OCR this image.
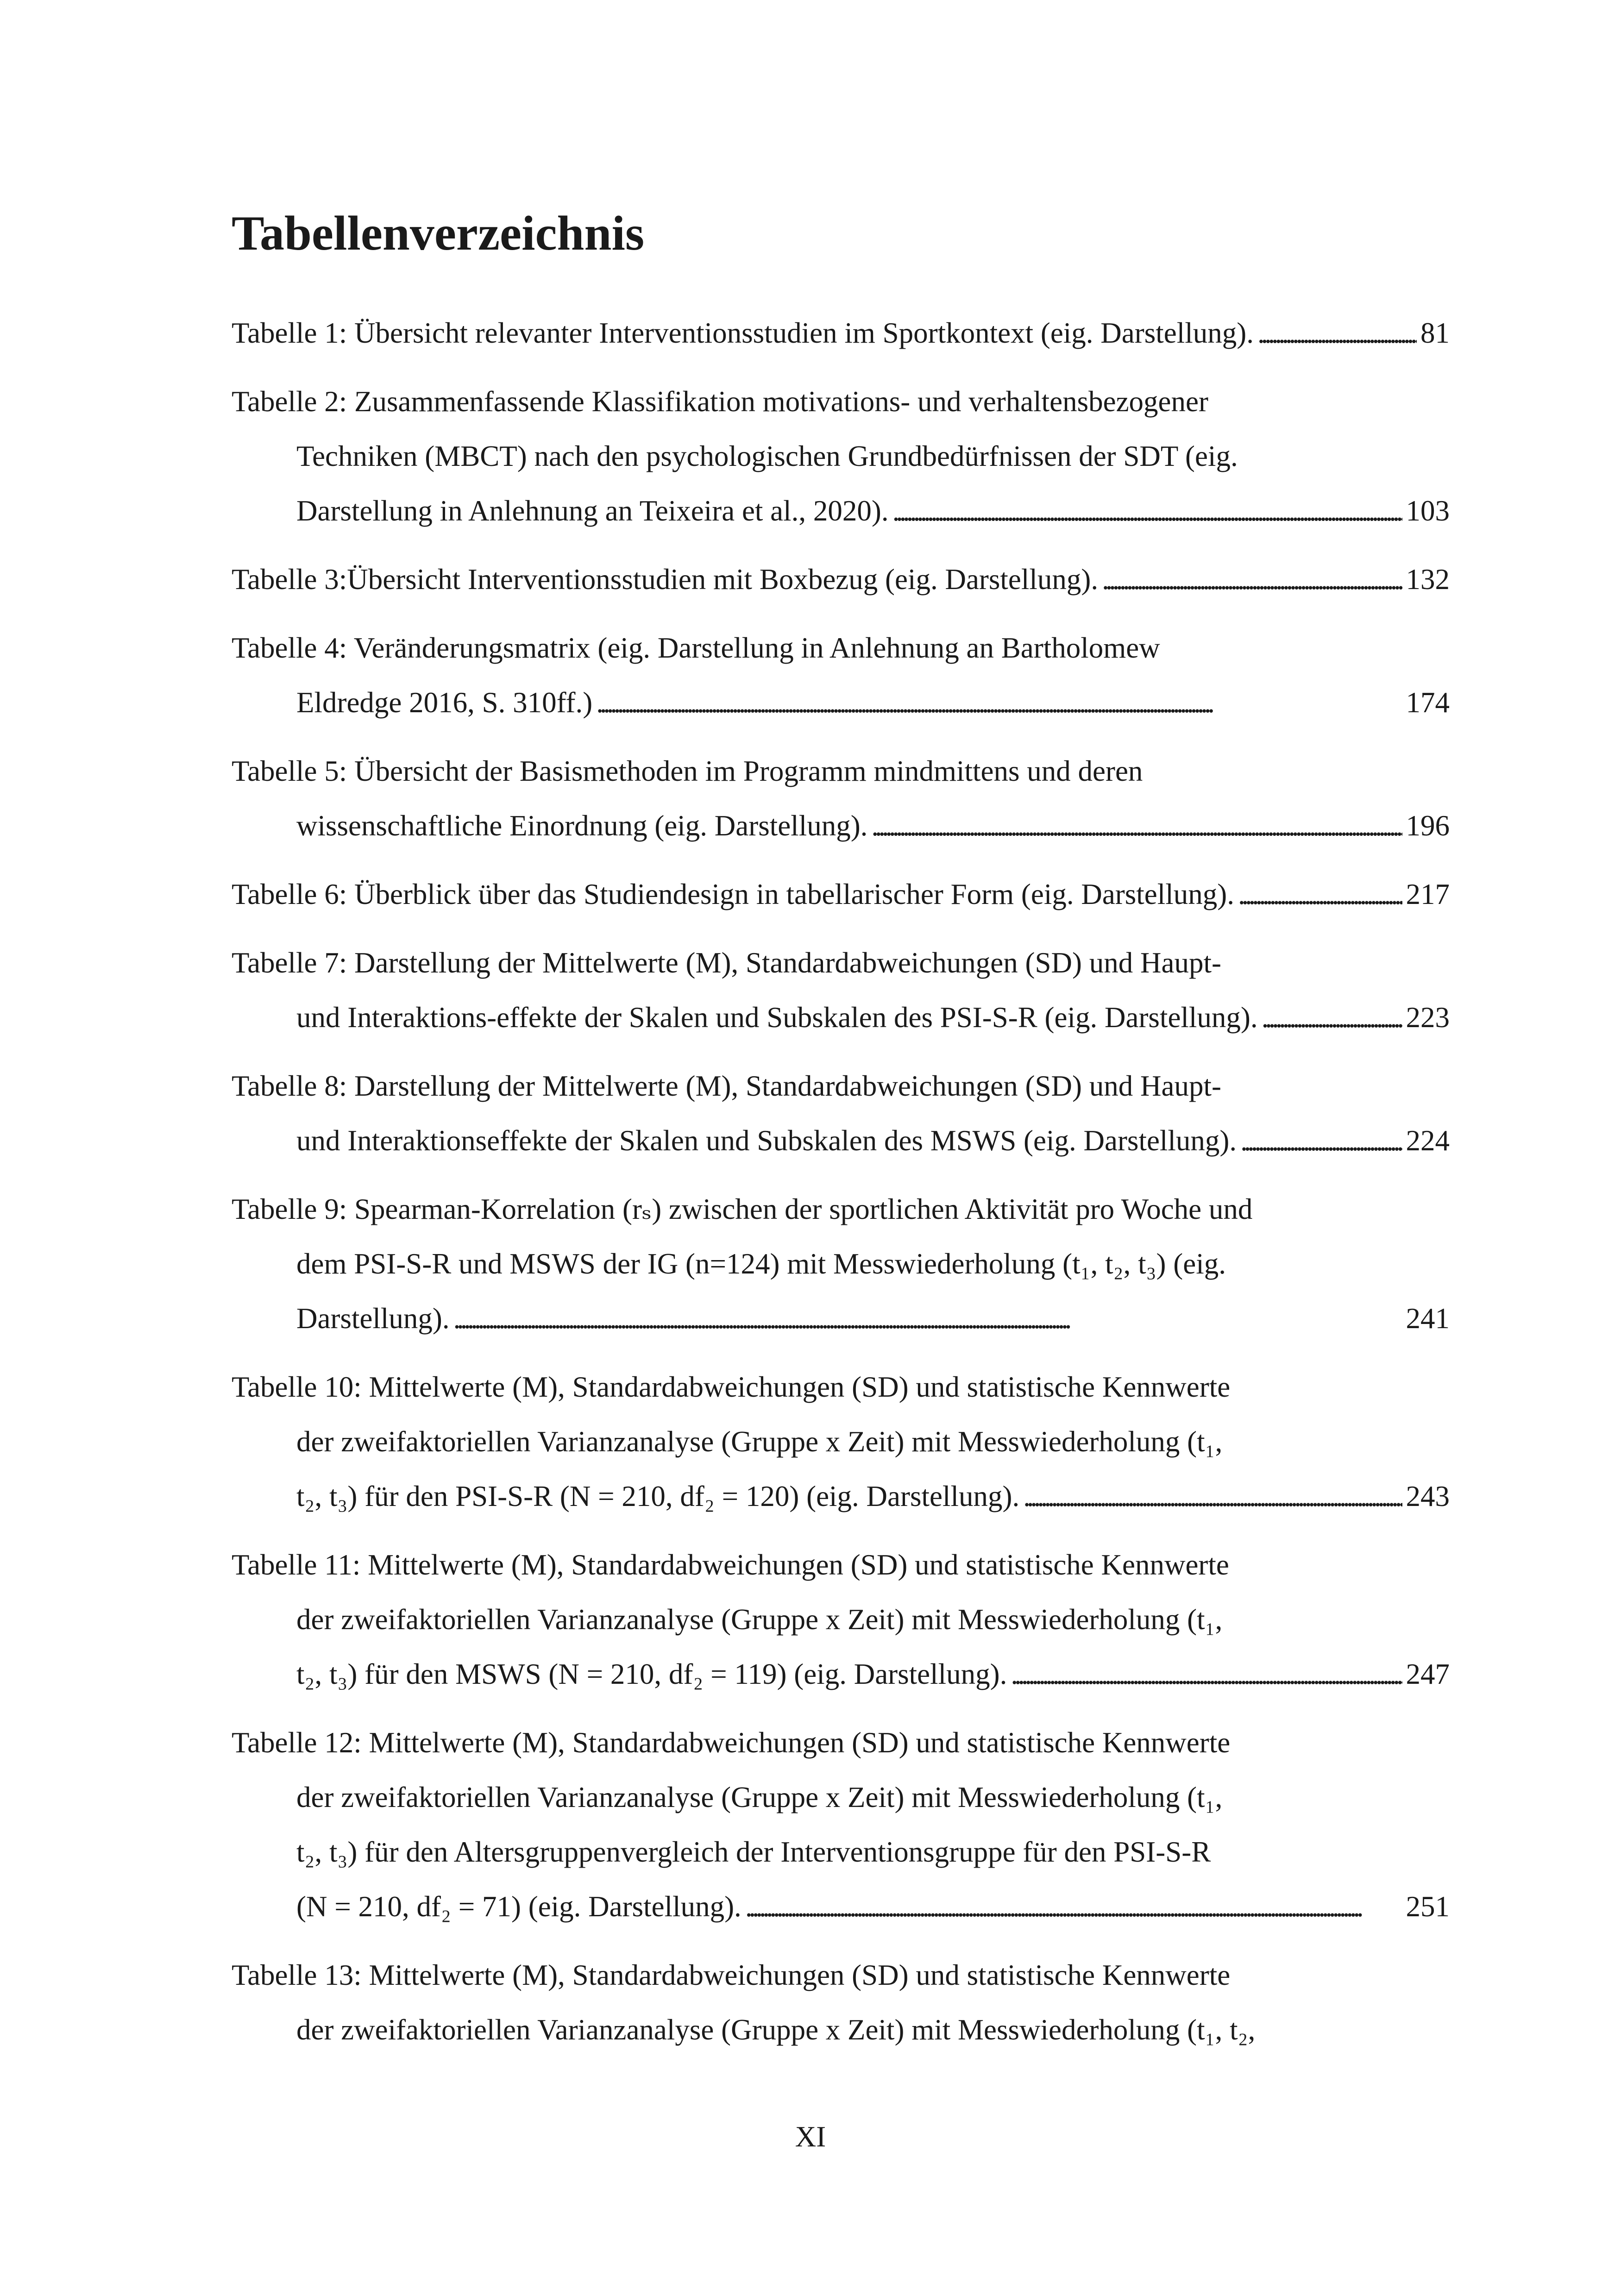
Tabellenverzeichnis
Tabelle 1: Übersicht relevanter Interventionsstudien im Sportkontext (eig. Darstellung). . . .	81
Tabelle 2: Zusammenfassende Klassifikation motivations- und verhaltensbezogener
Techniken (MBCT) nach den psychologischen Grundbedürfnissen der SDT (eig.
Darstellung in Anlehnung an Teixeira et al., 2020). . . .	103
Tabelle 3:Übersicht Interventionsstudien mit Boxbezug (eig. Darstellung). . . .	132
Tabelle 4: Veränderungsmatrix (eig. Darstellung in Anlehnung an Bartholomew
Eldredge 2016, S. 310ff.) . . .	174
Tabelle 5: Übersicht der Basismethoden im Programm mindmittens und deren
wissenschaftliche Einordnung (eig. Darstellung). . . .	196
Tabelle 6: Überblick über das Studiendesign in tabellarischer Form (eig. Darstellung). . . .	217
Tabelle 7: Darstellung der Mittelwerte (M), Standardabweichungen (SD) und Haupt-
und Interaktions-effekte der Skalen und Subskalen des PSI-S-R (eig. Darstellung). . . .	223
Tabelle 8: Darstellung der Mittelwerte (M), Standardabweichungen (SD) und Haupt-
und Interaktionseffekte der Skalen und Subskalen des MSWS (eig. Darstellung). . . .	224
Tabelle 9: Spearman-Korrelation (rₛ) zwischen der sportlichen Aktivität pro Woche und
dem PSI-S-R und MSWS der IG (n=124) mit Messwiederholung (t₁, t₂, t₃) (eig.
Darstellung). . . .	241
Tabelle 10: Mittelwerte (M), Standardabweichungen (SD) und statistische Kennwerte
der zweifaktoriellen Varianzanalyse (Gruppe x Zeit) mit Messwiederholung (t₁,
t₂, t₃) für den PSI-S-R (N = 210, df₂ = 120) (eig. Darstellung). . . .	243
Tabelle 11: Mittelwerte (M), Standardabweichungen (SD) und statistische Kennwerte
der zweifaktoriellen Varianzanalyse (Gruppe x Zeit) mit Messwiederholung (t₁,
t₂, t₃) für den MSWS (N = 210, df₂ = 119) (eig. Darstellung). . . .	247
Tabelle 12: Mittelwerte (M), Standardabweichungen (SD) und statistische Kennwerte
der zweifaktoriellen Varianzanalyse (Gruppe x Zeit) mit Messwiederholung (t₁,
t₂, t₃) für den Altersgruppenvergleich der Interventionsgruppe für den PSI-S-R
(N = 210, df₂ = 71) (eig. Darstellung). . . .	251
Tabelle 13: Mittelwerte (M), Standardabweichungen (SD) und statistische Kennwerte
der zweifaktoriellen Varianzanalyse (Gruppe x Zeit) mit Messwiederholung (t₁, t₂,
XI
